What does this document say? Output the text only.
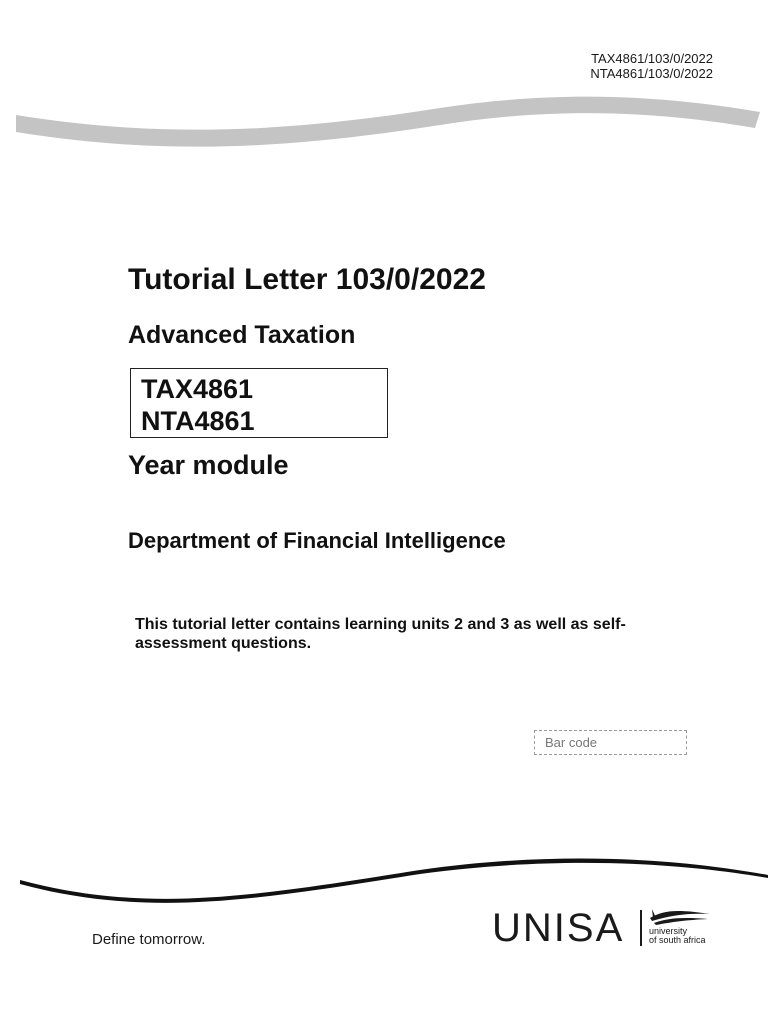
TAX4861/103/0/2022
NTA4861/103/0/2022
Tutorial Letter 103/0/2022
Advanced Taxation
TAX4861
NTA4861
Year module
Department of Financial Intelligence
This tutorial letter contains learning units 2 and 3 as well as self-assessment questions.
Bar code
Define tomorrow.	UNISA	university
of south africa
